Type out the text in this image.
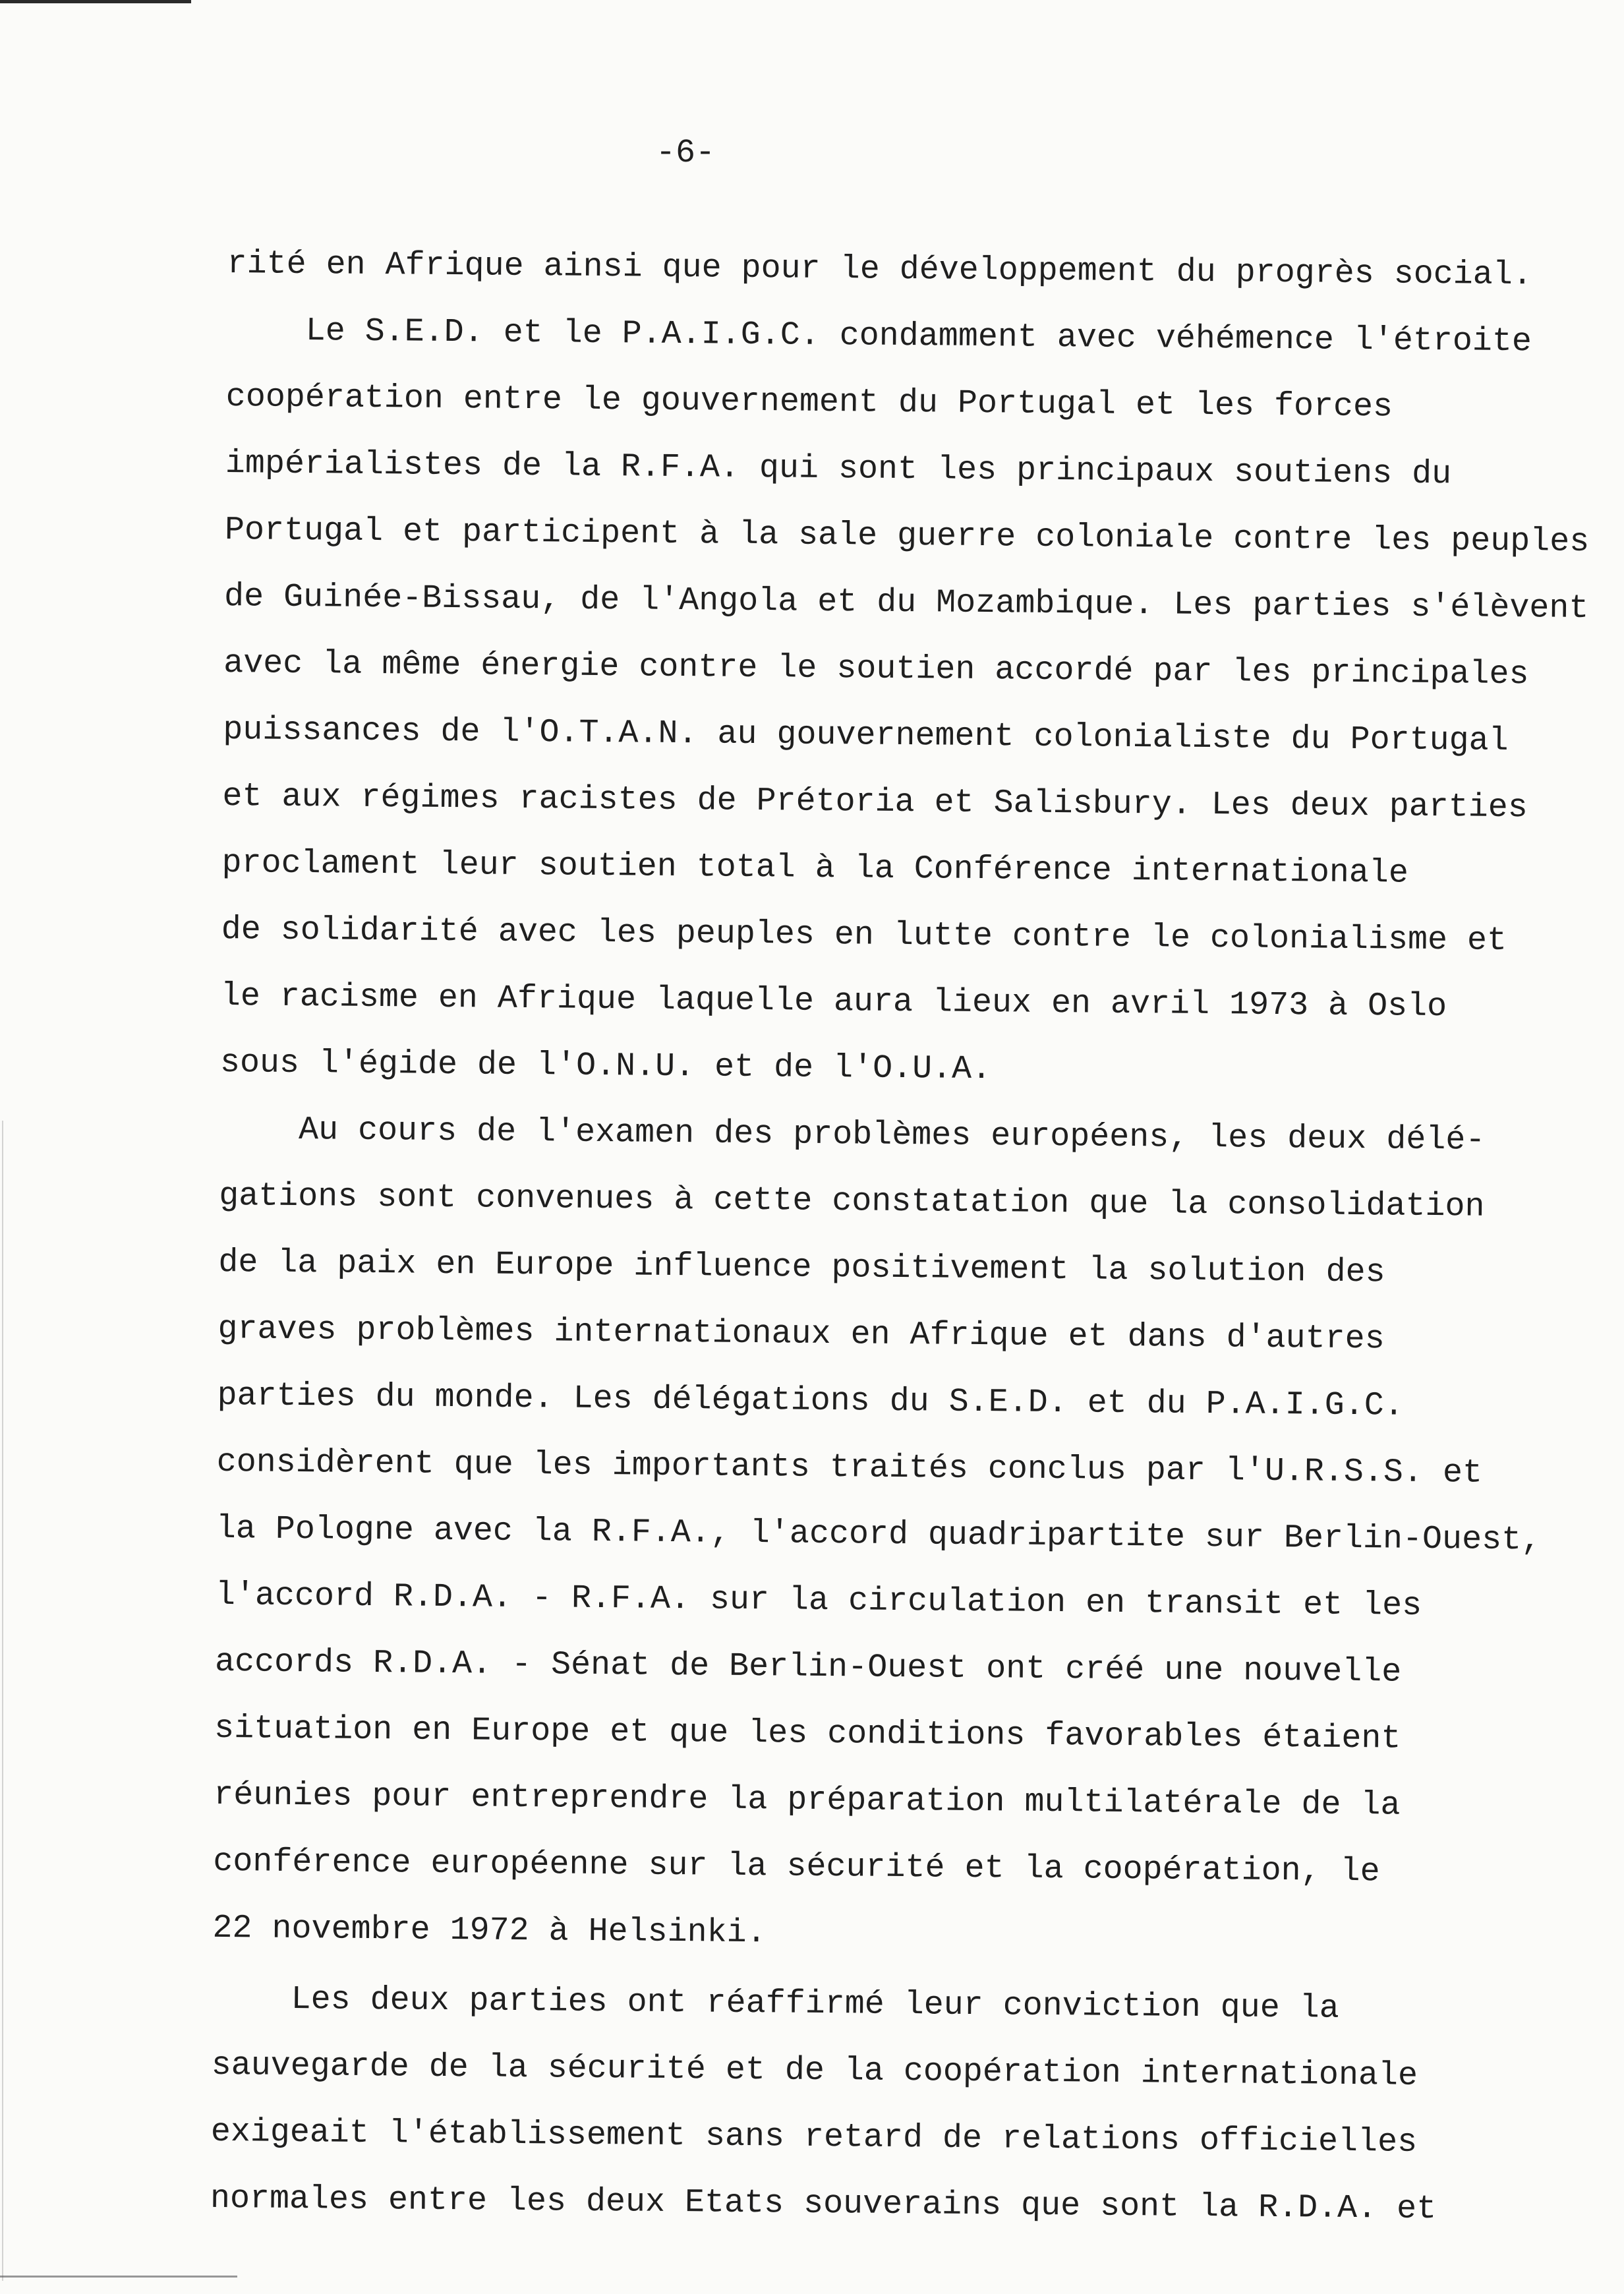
-6-
rité en Afrique ainsi que pour le développement du progrès social.
Le S.E.D. et le P.A.I.G.C. condamment avec véhémence l'étroite
coopération entre le gouvernement du Portugal et les forces
impérialistes de la R.F.A. qui sont les principaux soutiens du
Portugal et participent à la sale guerre coloniale contre les peuples
de Guinée-Bissau, de l'Angola et du Mozambique. Les parties s'élèvent
avec la même énergie contre le soutien accordé par les principales
puissances de l'O.T.A.N. au gouvernement colonialiste du Portugal
et aux régimes racistes de Prétoria et Salisbury. Les deux parties
proclament leur soutien total à la Conférence internationale
de solidarité avec les peuples en lutte contre le colonialisme et
le racisme en Afrique laquelle aura lieux en avril 1973 à Oslo
sous l'égide de l'O.N.U. et de l'O.U.A.
Au cours de l'examen des problèmes européens, les deux délé-
gations sont convenues à cette constatation que la consolidation
de la paix en Europe influence positivement la solution des
graves problèmes internationaux en Afrique et dans d'autres
parties du monde. Les délégations du S.E.D. et du P.A.I.G.C.
considèrent que les importants traités conclus par l'U.R.S.S. et
la Pologne avec la R.F.A., l'accord quadripartite sur Berlin-Ouest,
l'accord R.D.A. - R.F.A. sur la circulation en transit et les
accords R.D.A. - Sénat de Berlin-Ouest ont créé une nouvelle
situation en Europe et que les conditions favorables étaient
réunies pour entreprendre la préparation multilatérale de la
conférence européenne sur la sécurité et la coopération, le
22 novembre 1972 à Helsinki.
Les deux parties ont réaffirmé leur conviction que la
sauvegarde de la sécurité et de la coopération internationale
exigeait l'établissement sans retard de relations officielles
normales entre les deux Etats souverains que sont la R.D.A. et
